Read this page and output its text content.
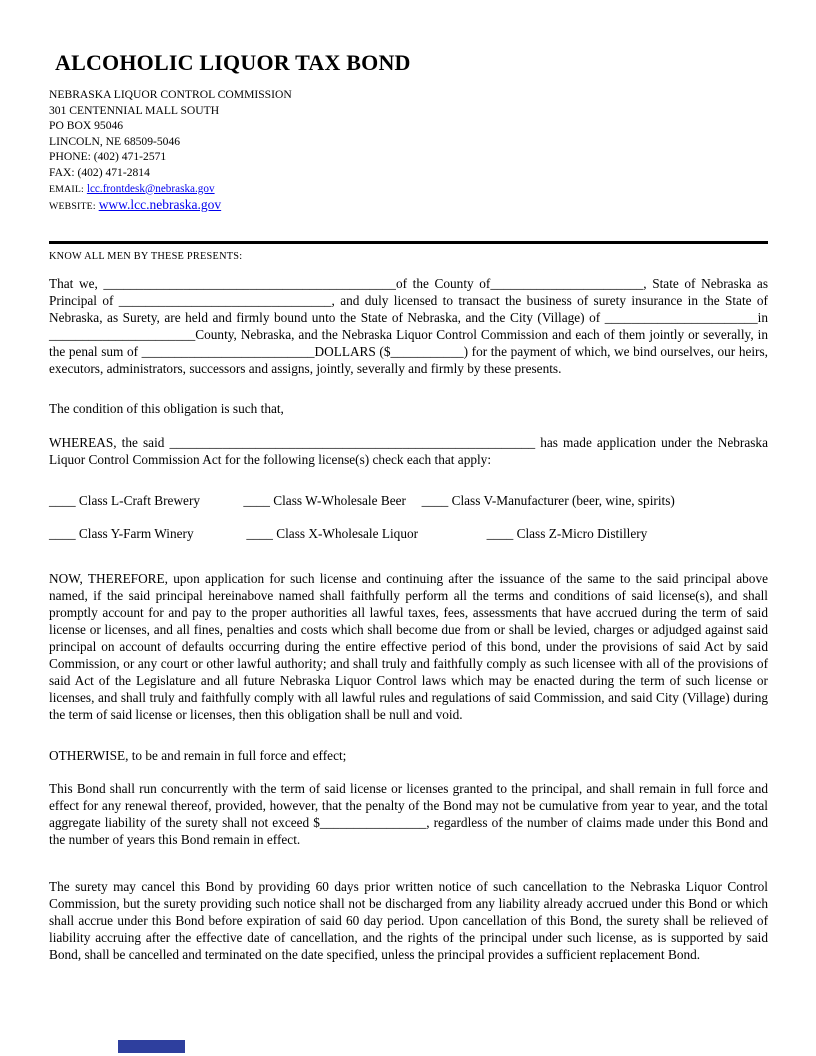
ALCOHOLIC LIQUOR TAX BOND
NEBRASKA LIQUOR CONTROL COMMISSION
301 CENTENNIAL MALL SOUTH
PO BOX 95046
LINCOLN, NE 68509-5046
PHONE: (402) 471-2571
FAX: (402) 471-2814
EMAIL: lcc.frontdesk@nebraska.gov
WEBSITE: www.lcc.nebraska.gov
KNOW ALL MEN BY THESE PRESENTS:

That we, ____________________________________________of the County of_______________________, State of Nebraska as Principal of ________________________________, and duly licensed to transact the business of surety insurance in the State of Nebraska, as Surety, are held and firmly bound unto the State of Nebraska, and the City (Village) of _______________________in ______________________County, Nebraska, and the Nebraska Liquor Control Commission and each of them jointly or severally, in the penal sum of __________________________DOLLARS ($___________) for the payment of which, we bind ourselves, our heirs, executors, administrators, successors and assigns, jointly, severally and firmly by these presents.

The condition of this obligation is such that,

WHEREAS, the said _______________________________________________________ has made application under the Nebraska Liquor Control Commission Act for the following license(s) check each that apply:

____ Class L-Craft Brewery	____ Class W-Wholesale Beer ____ Class V-Manufacturer (beer, wine, spirits)
____ Class Y-Farm Winery	____ Class X-Wholesale Liquor	____ Class Z-Micro Distillery

NOW, THEREFORE, upon application for such license and continuing after the issuance of the same to the said principal above named, if the said principal hereinabove named shall faithfully perform all the terms and conditions of said license(s), and shall promptly account for and pay to the proper authorities all lawful taxes, fees, assessments that have accrued during the term of said license or licenses, and all fines, penalties and costs which shall become due from or shall be levied, charges or adjudged against said principal on account of defaults occurring during the entire effective period of this bond, under the provisions of said Act by said Commission, or any court or other lawful authority; and shall truly and faithfully comply as such licensee with all of the provisions of said Act of the Legislature and all future Nebraska Liquor Control laws which may be enacted during the term of such license or licenses, and shall truly and faithfully comply with all lawful rules and regulations of said Commission, and said City (Village) during the term of said license or licenses, then this obligation shall be null and void.

OTHERWISE, to be and remain in full force and effect;

This Bond shall run concurrently with the term of said license or licenses granted to the principal, and shall remain in full force and effect for any renewal thereof, provided, however, that the penalty of the Bond may not be cumulative from year to year, and the total aggregate liability of the surety shall not exceed $________________, regardless of the number of claims made under this Bond and the number of years this Bond remain in effect.

The surety may cancel this Bond by providing 60 days prior written notice of such cancellation to the Nebraska Liquor Control Commission, but the surety providing such notice shall not be discharged from any liability already accrued under this Bond or which shall accrue under this Bond before expiration of said 60 day period. Upon cancellation of this Bond, the surety shall be relieved of liability accruing after the effective date of cancellation, and the rights of the principal under such license, as is supported by said Bond, shall be cancelled and terminated on the date specified, unless the principal provides a sufficient replacement Bond.
